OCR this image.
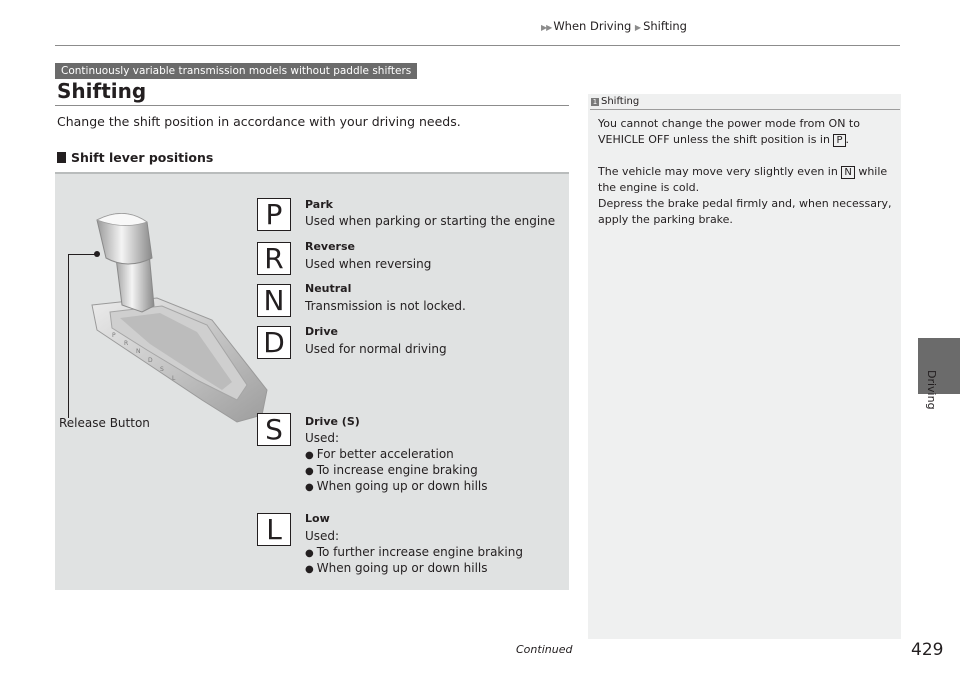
▶▶ When Driving ▶ Shifting
Continuously variable transmission models without paddle shifters
Shifting
Change the shift position in accordance with your driving needs.
Shift lever positions
P
R
N
D
S
L
Release Button
P	Park
Used when parking or starting the engine
R	Reverse
Used when reversing
N	Neutral
Transmission is not locked.
D	Drive
Used for normal driving
S	Drive (S)
Used:
● For better acceleration
● To increase engine braking
● When going up or down hills
L	Low
Used:
● To further increase engine braking
● When going up or down hills
1 Shifting
You cannot change the power mode from ON to
VEHICLE OFF unless the shift position is in P .
The vehicle may move very slightly even in N while
the engine is cold.
Depress the brake pedal firmly and, when necessary,
apply the parking brake.
Driving
Continued	429
